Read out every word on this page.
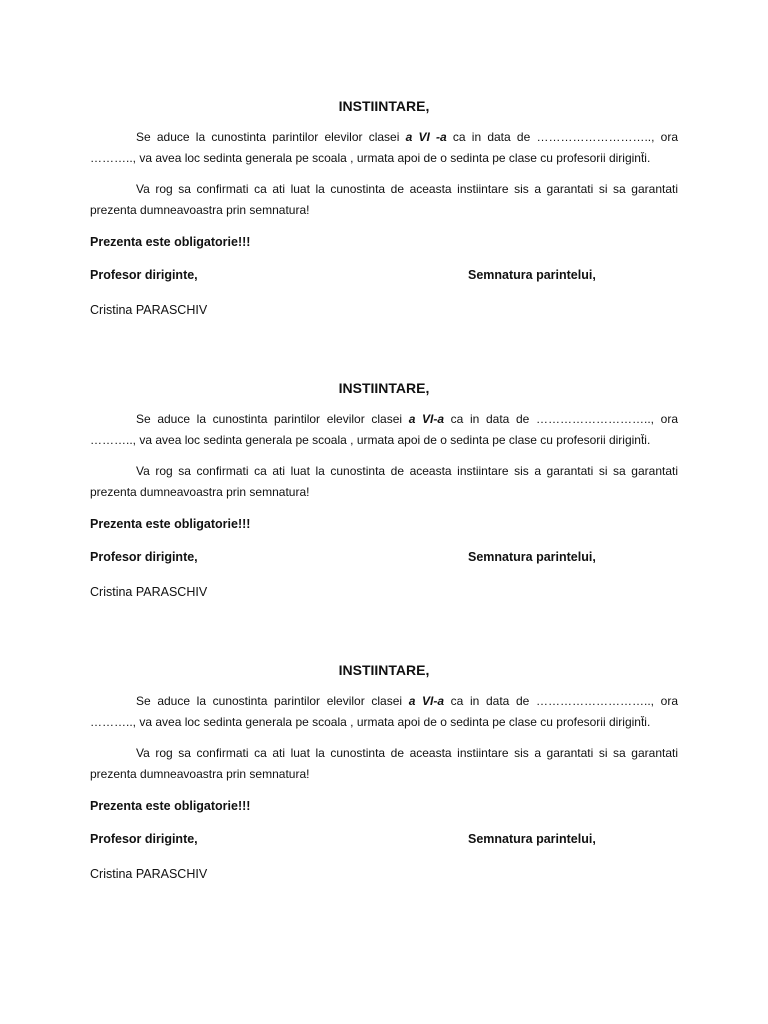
INSTIINTARE,

Se aduce la cunostinta parintilor elevilor clasei a VI -a ca in data de ……………………….., ora ……….., va avea loc sedinta generala pe scoala , urmata apoi de o sedinta pe clase cu profesorii dirigint̆i.

Va rog sa confirmati ca ati luat la cunostinta de aceasta instiintare sis a garantati si sa garantati prezenta dumneavoastra prin semnatura!

Prezenta este obligatorie!!!

Profesor diriginte,	Semnatura parintelui,
Cristina PARASCHIV
INSTIINTARE,

Se aduce la cunostinta parintilor elevilor clasei a VI-a ca in data de ……………………….., ora ……….., va avea loc sedinta generala pe scoala , urmata apoi de o sedinta pe clase cu profesorii dirigint̆i.

Va rog sa confirmati ca ati luat la cunostinta de aceasta instiintare sis a garantati si sa garantati prezenta dumneavoastra prin semnatura!

Prezenta este obligatorie!!!

Profesor diriginte,	Semnatura parintelui,
Cristina PARASCHIV
INSTIINTARE,

Se aduce la cunostinta parintilor elevilor clasei a VI-a ca in data de ……………………….., ora ……….., va avea loc sedinta generala pe scoala , urmata apoi de o sedinta pe clase cu profesorii dirigint̆i.

Va rog sa confirmati ca ati luat la cunostinta de aceasta instiintare sis a garantati si sa garantati prezenta dumneavoastra prin semnatura!

Prezenta este obligatorie!!!

Profesor diriginte,	Semnatura parintelui,
Cristina PARASCHIV
